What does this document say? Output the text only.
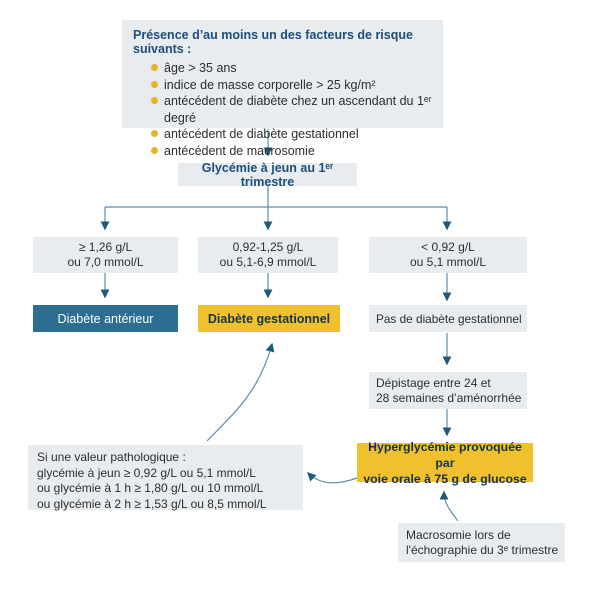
Présence d’au moins un des facteurs de risque suivants :
âge > 35 ans
indice de masse corporelle > 25 kg/m²
antécédent de diabète chez un ascendant du 1ᵉʳ degré
antécédent de diabète gestationnel
antécédent de macrosomie
Glycémie à jeun au 1ᵉʳ trimestre
≥ 1,26 g/L
ou 7,0 mmol/L
0,92-1,25 g/L
ou 5,1-6,9 mmol/L
< 0,92 g/L
ou 5,1 mmol/L
Diabète antérieur	Diabète gestationnel	Pas de diabète gestationnel
Dépistage entre 24 et
28 semaines d’aménorrhée
Hyperglycémie provoquée par
voie orale à 75 g de glucose
Si une valeur pathologique :
glycémie à jeun ≥ 0,92 g/L ou 5,1 mmol/L
ou glycémie à 1 h ≥ 1,80 g/L ou 10 mmol/L
ou glycémie à 2 h ≥ 1,53 g/L ou 8,5 mmol/L
Macrosomie lors de
l'échographie du 3ᵉ trimestre
